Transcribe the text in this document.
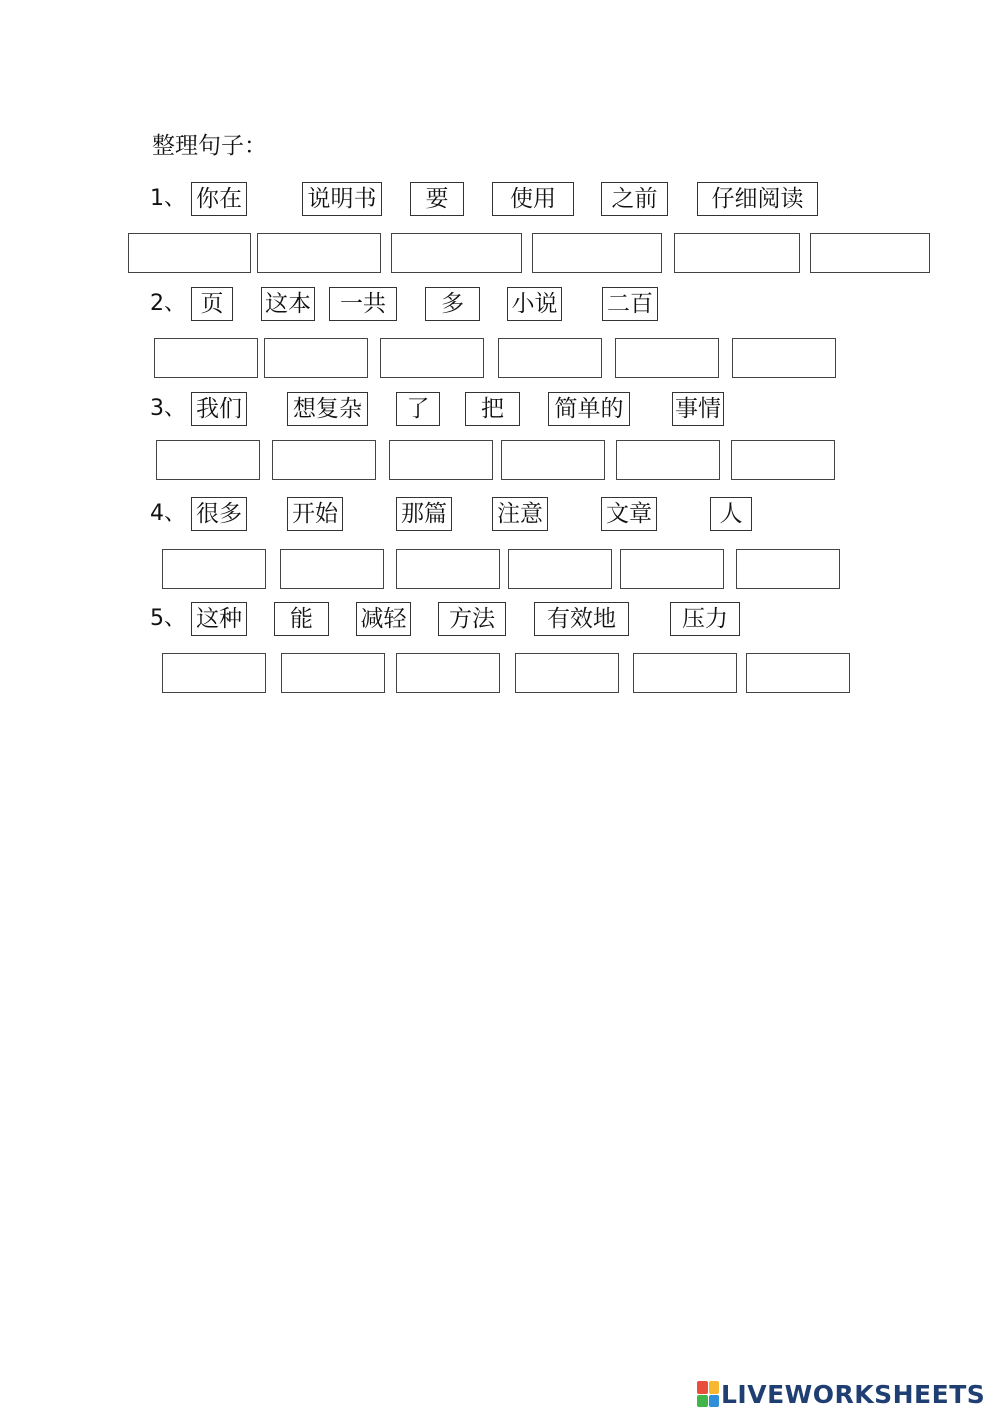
整理句子：
1、 你在	说明书	要	使用	之前	仔细阅读
2、 页	这本	一共	多	小说 二百
3、 我们 想复杂	了	把	简单的 事情
4、 很多 开始	那篇 注意	文章	人
5、 这种	能	减轻	方法	有效地	压力
LIVEWORKSHEETS
